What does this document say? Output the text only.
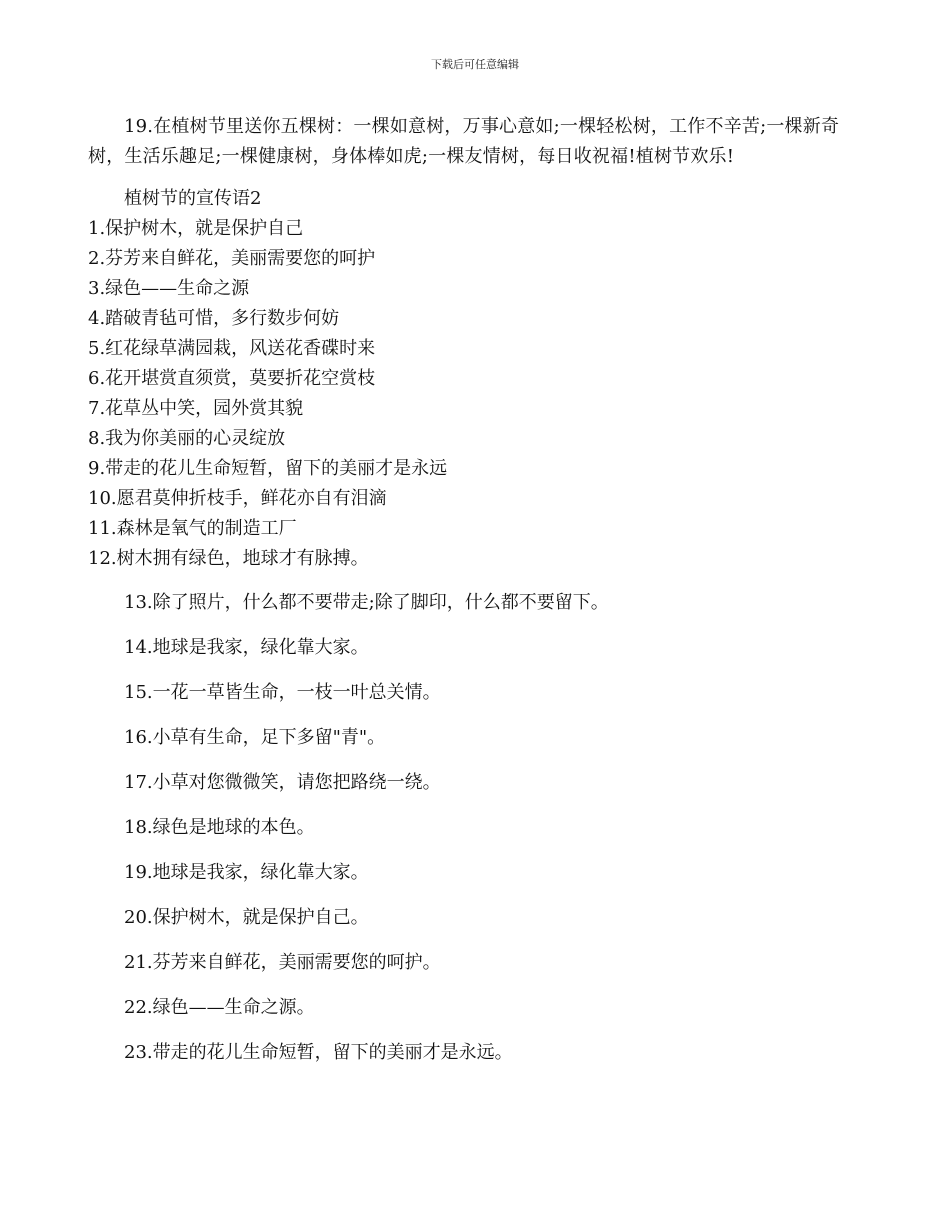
下载后可任意编辑

19.在植树节里送你五棵树：一棵如意树，万事心意如;一棵轻松树，工作不辛苦;一棵新奇树，生活乐趣足;一棵健康树，身体棒如虎;一棵友情树，每日收祝福!植树节欢乐!

植树节的宣传语2

1.保护树木，就是保护自己

2.芬芳来自鲜花，美丽需要您的呵护

3.绿色——生命之源

4.踏破青毡可惜，多行数步何妨

5.红花绿草满园栽，风送花香碟时来

6.花开堪赏直须赏，莫要折花空赏枝

7.花草丛中笑，园外赏其貌

8.我为你美丽的心灵绽放

9.带走的花儿生命短暂，留下的美丽才是永远

10.愿君莫伸折枝手，鲜花亦自有泪滴

11.森林是氧气的制造工厂

12.树木拥有绿色，地球才有脉搏。

13.除了照片，什么都不要带走;除了脚印，什么都不要留下。

14.地球是我家，绿化靠大家。

15.一花一草皆生命，一枝一叶总关情。

16.小草有生命，足下多留"青"。

17.小草对您微微笑，请您把路绕一绕。

18.绿色是地球的本色。

19.地球是我家，绿化靠大家。

20.保护树木，就是保护自己。

21.芬芳来自鲜花，美丽需要您的呵护。

22.绿色——生命之源。

23.带走的花儿生命短暂，留下的美丽才是永远。
